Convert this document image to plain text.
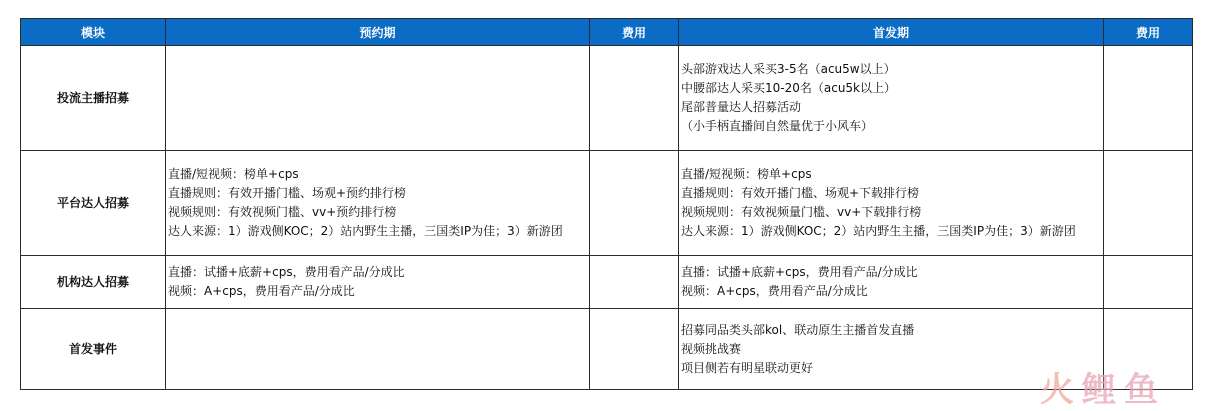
模块	预约期	费用	首发期	费用
投流主播招募			头部游戏达人采买3-5名（acu5w以上）
中腰部达人采买10-20名（acu5k以上）
尾部普量达人招募活动
（小手柄直播间自然量优于小风车）	

平台达人招募	直播/短视频：榜单+cps
直播规则：有效开播门槛、场观+预约排行榜
视频规则：有效视频门槛、vv+预约排行榜
达人来源：1）游戏侧KOC；2）站内野生主播，三国类IP为佳；3）新游团		直播/短视频：榜单+cps
直播规则：有效开播门槛、场观+下载排行榜
视频规则：有效视频量门槛、vv+下载排行榜
达人来源：1）游戏侧KOC；2）站内野生主播，三国类IP为佳；3）新游团	

机构达人招募	直播：试播+底薪+cps，费用看产品/分成比
视频：A+cps，费用看产品/分成比		直播：试播+底薪+cps，费用看产品/分成比
视频：A+cps，费用看产品/分成比	

首发事件			招募同品类头部kol、联动原生主播首发直播
视频挑战赛
项目侧若有明星联动更好	

火鲤鱼
